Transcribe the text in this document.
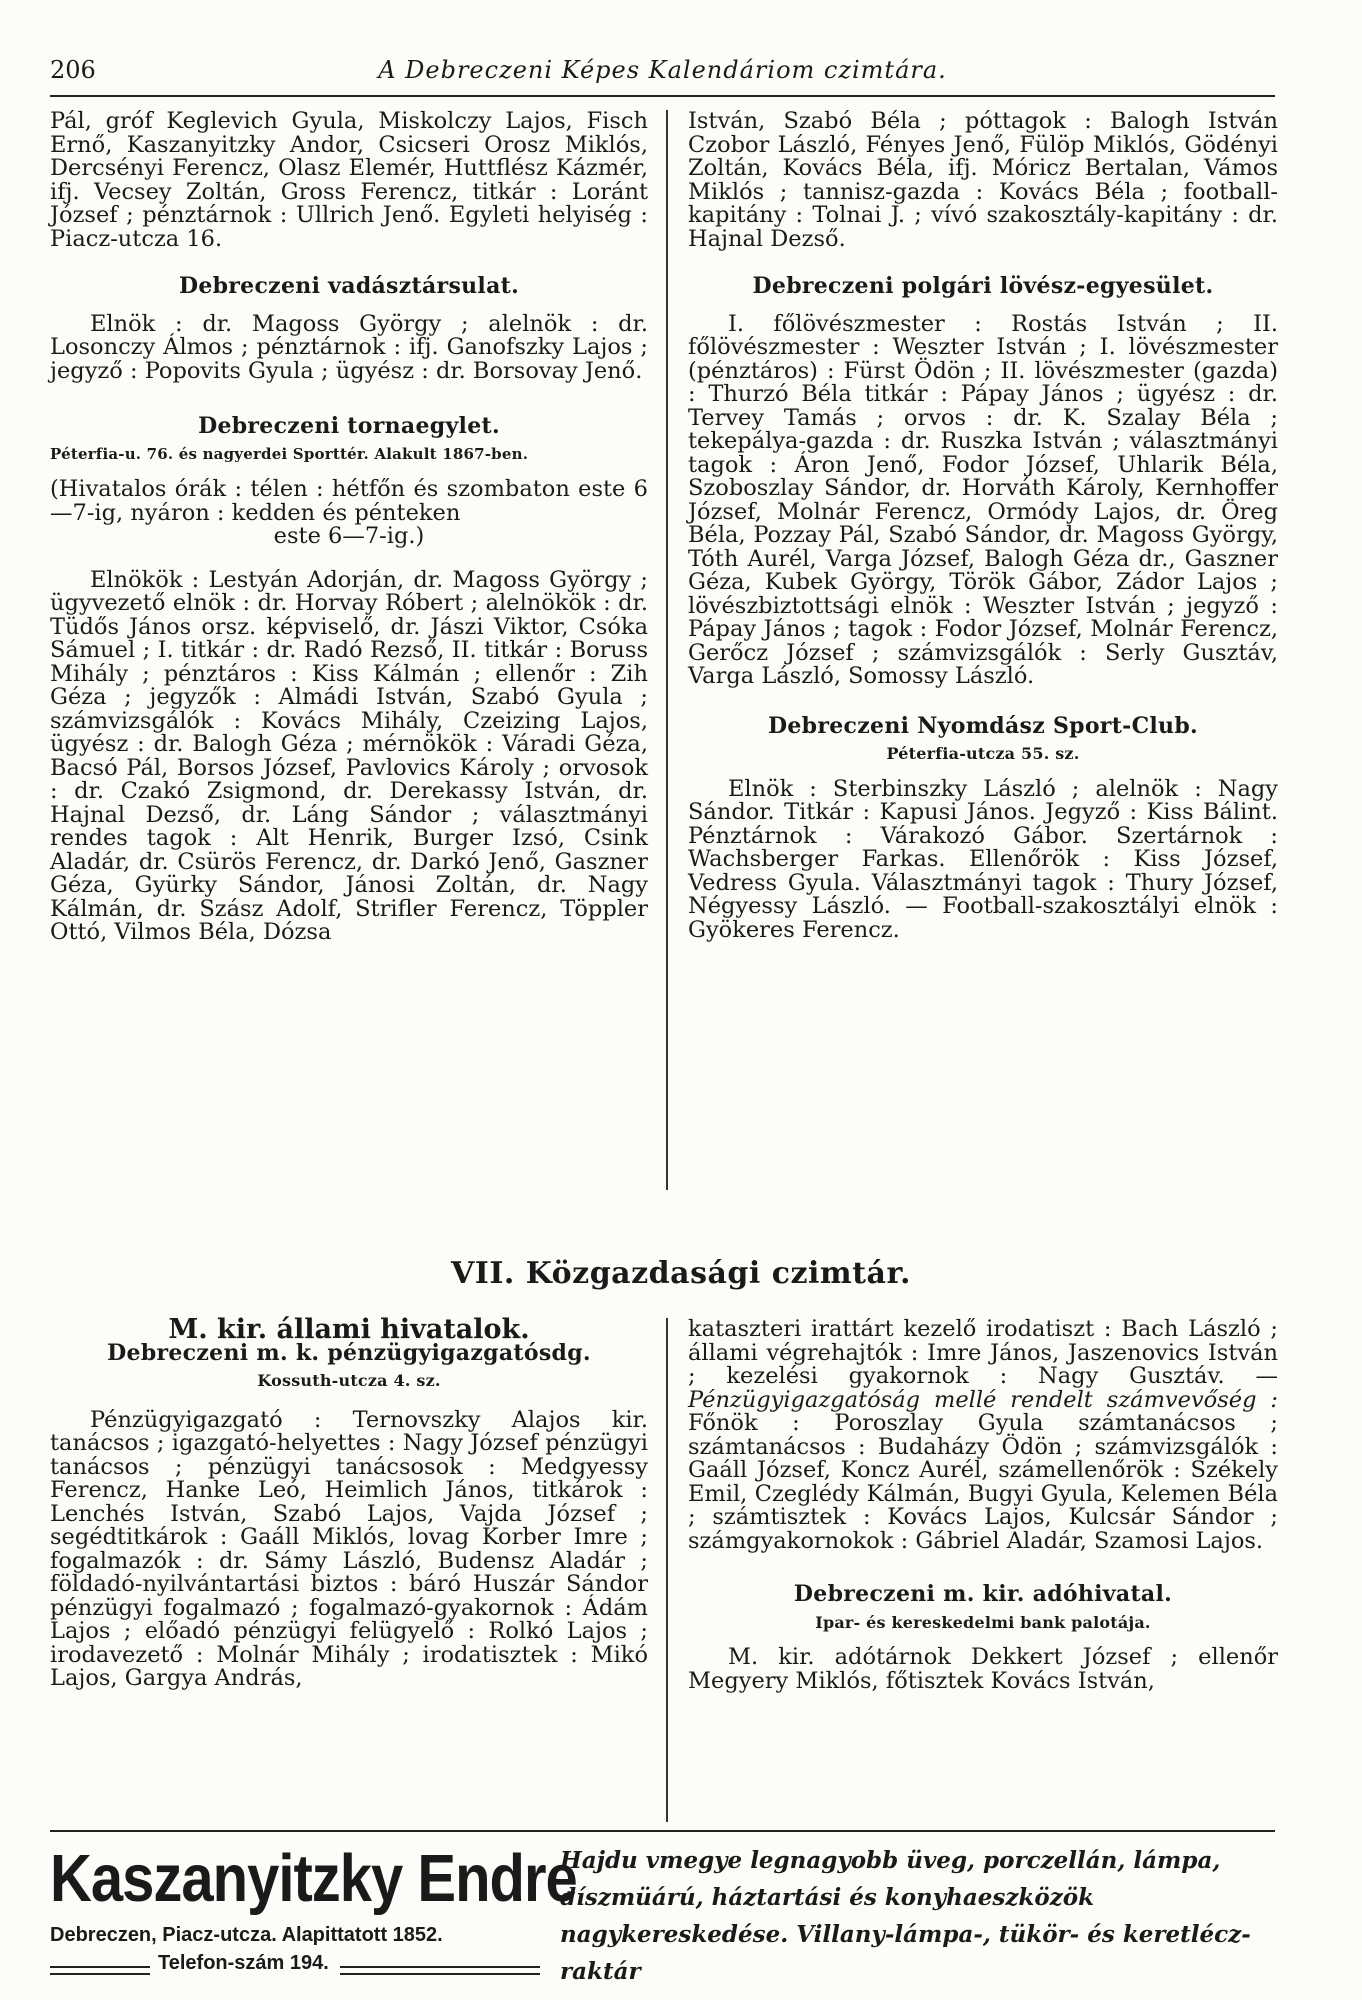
206	A Debreczeni Képes Kalendáriom czimtára.

Pál, gróf Keglevich Gyula, Miskolczy Lajos, Fisch Ernő, Kaszanyitzky Andor, Csicseri Orosz Miklós, Dercsényi Ferencz, Olasz Elemér, Huttflész Kázmér, ifj. Vecsey Zoltán, Gross Ferencz, titkár : Loránt József ; pénztárnok : Ullrich Jenő. Egyleti helyiség : Piacz-utcza 16.

Debreczeni vadásztársulat.

Elnök : dr. Magoss György ; alelnök : dr. Losonczy Álmos ; pénztárnok : ifj. Ganofszky Lajos ; jegyző : Popovits Gyula ; ügyész : dr. Borsovay Jenő.

Debreczeni tornaegylet.

Péterfia-u. 76. és nagyerdei Sporttér. Alakult 1867-ben.

(Hivatalos órák : télen : hétfőn és szombaton este 6—7-ig, nyáron : kedden és pénteken

este 6—7-ig.)

Elnökök : Lestyán Adorján, dr. Magoss György ; ügyvezető elnök : dr. Horvay Róbert ; alelnökök : dr. Tüdős János orsz. képviselő, dr. Jászi Viktor, Csóka Sámuel ; I. titkár : dr. Radó Rezső, II. titkár : Boruss Mihály ; pénztáros : Kiss Kálmán ; ellenőr : Zih Géza ; jegyzők : Almádi István, Szabó Gyula ; számvizsgálók : Kovács Mihály, Czeizing Lajos, ügyész : dr. Balogh Géza ; mérnökök : Váradi Géza, Bacsó Pál, Borsos József, Pavlovics Károly ; orvosok : dr. Czakó Zsigmond, dr. Derekassy István, dr. Hajnal Dezső, dr. Láng Sándor ; választmányi rendes tagok : Alt Henrik, Burger Izsó, Csink Aladár, dr. Csürös Ferencz, dr. Darkó Jenő, Gaszner Géza, Gyürky Sándor, Jánosi Zoltán, dr. Nagy Kálmán, dr. Szász Adolf, Strifler Ferencz, Töppler Ottó, Vilmos Béla, Dózsa

István, Szabó Béla ; póttagok : Balogh István Czobor László, Fényes Jenő, Fülöp Miklós, Gödényi Zoltán, Kovács Béla, ifj. Móricz Bertalan, Vámos Miklós ; tannisz-gazda : Kovács Béla ; football-kapitány : Tolnai J. ; vívó szakosztály-kapitány : dr. Hajnal Dezső.

Debreczeni polgári lövész-egyesület.

I. főlövészmester : Rostás István ; II. főlövészmester : Weszter István ; I. lövészmester (pénztáros) : Fürst Ödön ; II. lövészmester (gazda) : Thurzó Béla titkár : Pápay János ; ügyész : dr. Tervey Tamás ; orvos : dr. K. Szalay Béla ; tekepálya-gazda : dr. Ruszka István ; választmányi tagok : Áron Jenő, Fodor József, Uhlarik Béla, Szoboszlay Sándor, dr. Horváth Károly, Kernhoffer József, Molnár Ferencz, Ormódy Lajos, dr. Öreg Béla, Pozzay Pál, Szabó Sándor, dr. Magoss György, Tóth Aurél, Varga József, Balogh Géza dr., Gaszner Géza, Kubek György, Török Gábor, Zádor Lajos ; lövészbiztottsági elnök : Weszter István ; jegyző : Pápay János ; tagok : Fodor József, Molnár Ferencz, Gerőcz József ; számvizsgálók : Serly Gusztáv, Varga László, Somossy László.

Debreczeni Nyomdász Sport-Club.

Péterfia-utcza 55. sz.

Elnök : Sterbinszky László ; alelnök : Nagy Sándor. Titkár : Kapusi János. Jegyző : Kiss Bálint. Pénztárnok : Várakozó Gábor. Szertárnok : Wachsberger Farkas. Ellenőrök : Kiss József, Vedress Gyula. Választmányi tagok : Thury József, Négyessy László. — Football-szakosztályi elnök : Gyökeres Ferencz.

VII. Közgazdasági czimtár.

M. kir. állami hivatalok.

Debreczeni m. k. pénzügyigazgatósdg.

Kossuth-utcza 4. sz.

Pénzügyigazgató : Ternovszky Alajos kir. tanácsos ; igazgató-helyettes : Nagy József pénzügyi tanácsos ; pénzügyi tanácsosok : Medgyessy Ferencz, Hanke Leó, Heimlich János, titkárok : Lenchés István, Szabó Lajos, Vajda József ; segédtitkárok : Gaáll Miklós, lovag Korber Imre ; fogalmazók : dr. Sámy László, Budensz Aladár ; földadó-nyilvántartási biztos : báró Huszár Sándor pénzügyi fogalmazó ; fogalmazó-gyakornok : Ádám Lajos ; előadó pénzügyi felügyelő : Rolkó Lajos ; irodavezető : Molnár Mihály ; irodatisztek : Mikó Lajos, Gargya András,

kataszteri irattárt kezelő irodatiszt : Bach László ; állami végrehajtók : Imre János, Jaszenovics István ; kezelési gyakornok : Nagy Gusztáv. — Pénzügyigazgatóság mellé rendelt számvevőség : Főnök : Poroszlay Gyula számtanácsos ; számtanácsos : Budaházy Ödön ; számvizsgálók : Gaáll József, Koncz Aurél, számellenőrök : Székely Emil, Czeglédy Kálmán, Bugyi Gyula, Kelemen Béla ; számtisztek : Kovács Lajos, Kulcsár Sándor ; számgyakornokok : Gábriel Aladár, Szamosi Lajos.

Debreczeni m. kir. adóhivatal.

Ipar- és kereskedelmi bank palotája.

M. kir. adótárnok Dekkert József ; ellenőr Megyery Miklós, főtisztek Kovács István,

Kaszanyitzky Endre
Debreczen, Piacz-utcza. Alapittatott 1852.
Telefon-szám 194.
Hajdu vmegye legnagyobb üveg, porczellán, lámpa, díszmüárú, háztartási és konyhaeszközök nagykereskedése. Villany-lámpa-, tükör- és keretlécz-raktár
